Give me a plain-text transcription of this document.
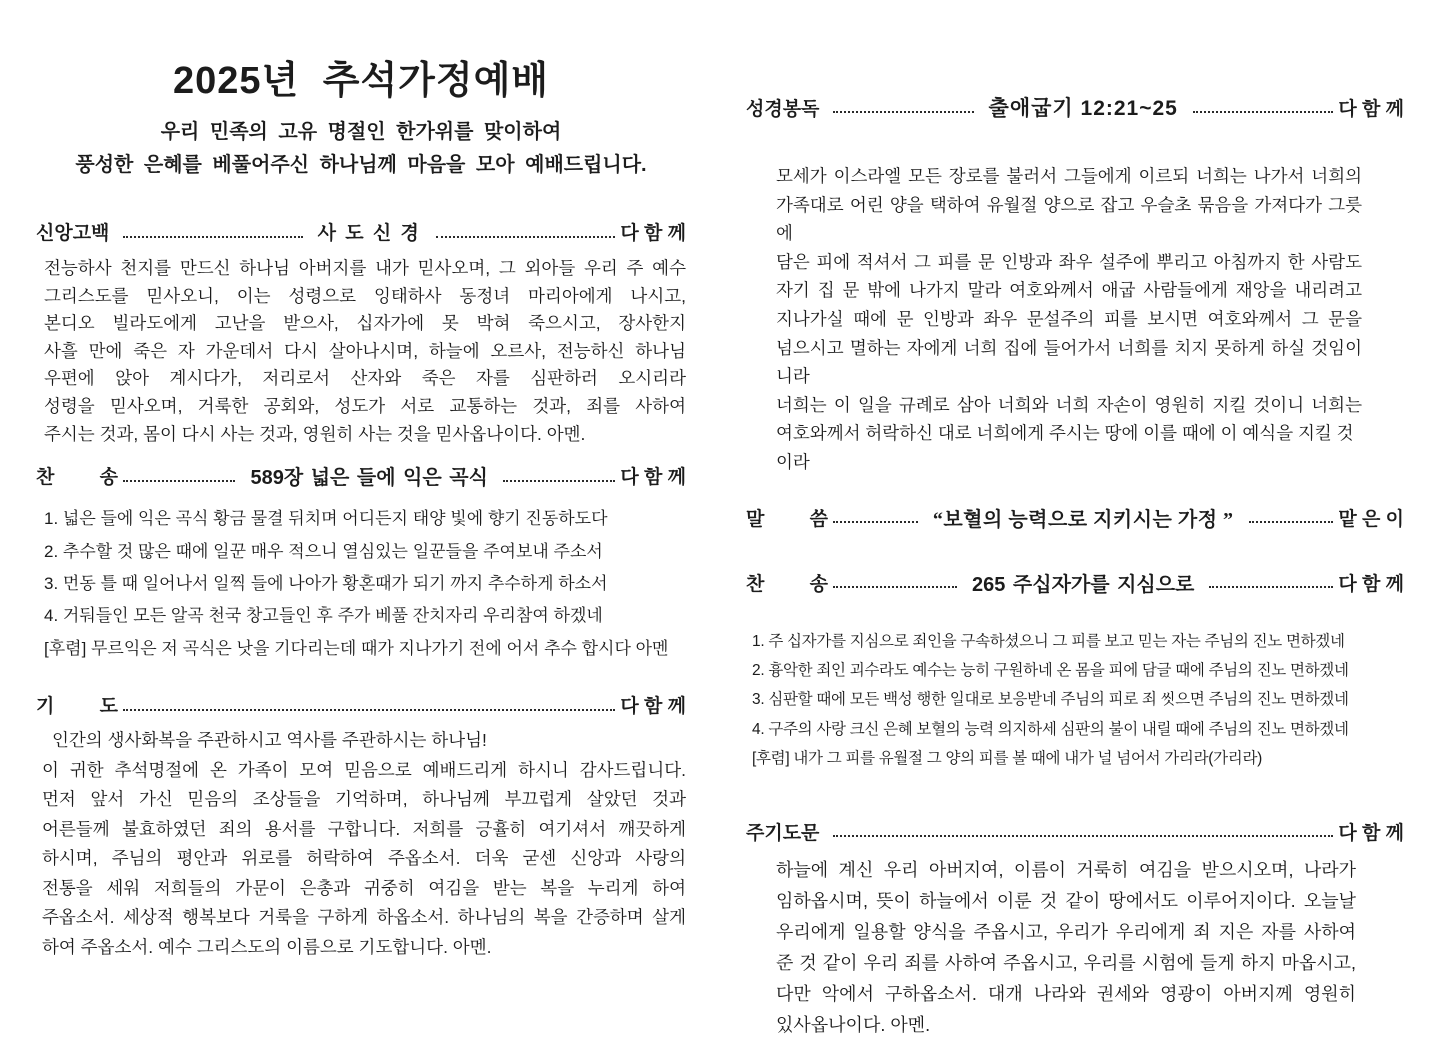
2025년 추석가정예배
우리 민족의 고유 명절인 한가위를 맞이하여
풍성한 은혜를 베풀어주신 하나님께 마음을 모아 예배드립니다.
신앙고백	사 도 신 경	다 함 께
전능하사 천지를 만드신 하나님 아버지를 내가 믿사오며, 그 외아들 우리 주 예수
그리스도를 믿사오니, 이는 성령으로 잉태하사 동정녀 마리아에게 나시고,
본디오 빌라도에게 고난을 받으사, 십자가에 못 박혀 죽으시고, 장사한지
사흘 만에 죽은 자 가운데서 다시 살아나시며, 하늘에 오르사, 전능하신 하나님
우편에 앉아 계시다가, 저리로서 산자와 죽은 자를 심판하러 오시리라
성령을 믿사오며, 거룩한 공회와, 성도가 서로 교통하는 것과, 죄를 사하여
주시는 것과, 몸이 다시 사는 것과, 영원히 사는 것을 믿사옵나이다. 아멘.
찬 송	589장 넓은 들에 익은 곡식	다 함 께
1. 넓은 들에 익은 곡식 황금 물결 뒤치며 어디든지 태양 빛에 향기 진동하도다
2. 추수할 것 많은 때에 일꾼 매우 적으니 열심있는 일꾼들을 주여보내 주소서
3. 먼동 틀 때 일어나서 일찍 들에 나아가 황혼때가 되기 까지 추수하게 하소서
4. 거둬들인 모든 알곡 천국 창고들인 후 주가 베풀 잔치자리 우리참여 하겠네
[후렴] 무르익은 저 곡식은 낫을 기다리는데 때가 지나가기 전에 어서 추수 합시다 아멘
기 도	다 함 께
인간의 생사화복을 주관하시고 역사를 주관하시는 하나님!
이 귀한 추석명절에 온 가족이 모여 믿음으로 예배드리게 하시니 감사드립니다.
먼저 앞서 가신 믿음의 조상들을 기억하며, 하나님께 부끄럽게 살았던 것과
어른들께 불효하였던 죄의 용서를 구합니다. 저희를 긍휼히 여기셔서 깨끗하게
하시며, 주님의 평안과 위로를 허락하여 주옵소서. 더욱 굳센 신앙과 사랑의
전통을 세워 저희들의 가문이 은총과 귀중히 여김을 받는 복을 누리게 하여
주옵소서. 세상적 행복보다 거룩을 구하게 하옵소서. 하나님의 복을 간증하며 살게
하여 주옵소서. 예수 그리스도의 이름으로 기도합니다. 아멘.
성경봉독	출애굽기 12:21~25	다 함 께
모세가 이스라엘 모든 장로를 불러서 그들에게 이르되 너희는 나가서 너희의
가족대로 어린 양을 택하여 유월절 양으로 잡고 우슬초 묶음을 가져다가 그릇에
담은 피에 적셔서 그 피를 문 인방과 좌우 설주에 뿌리고 아침까지 한 사람도
자기 집 문 밖에 나가지 말라 여호와께서 애굽 사람들에게 재앙을 내리려고
지나가실 때에 문 인방과 좌우 문설주의 피를 보시면 여호와께서 그 문을
넘으시고 멸하는 자에게 너희 집에 들어가서 너희를 치지 못하게 하실 것임이니라
너희는 이 일을 규례로 삼아 너희와 너희 자손이 영원히 지킬 것이니 너희는
여호와께서 허락하신 대로 너희에게 주시는 땅에 이를 때에 이 예식을 지킬 것이라
말 씀	“보혈의 능력으로 지키시는 가정 ”	맡 은 이
찬 송	265 주십자가를 지심으로	다 함 께
1. 주 십자가를 지심으로 죄인을 구속하셨으니 그 피를 보고 믿는 자는 주님의 진노 면하겠네
2. 흉악한 죄인 괴수라도 예수는 능히 구원하네 온 몸을 피에 담글 때에 주님의 진노 면하겠네
3. 심판할 때에 모든 백성 행한 일대로 보응받네 주님의 피로 죄 씻으면 주님의 진노 면하겠네
4. 구주의 사랑 크신 은혜 보혈의 능력 의지하세 심판의 불이 내릴 때에 주님의 진노 면하겠네
[후렴] 내가 그 피를 유월절 그 양의 피를 볼 때에 내가 널 넘어서 가리라(가리라)
주기도문	다 함 께
하늘에 계신 우리 아버지여, 이름이 거룩히 여김을 받으시오며, 나라가
임하옵시며, 뜻이 하늘에서 이룬 것 같이 땅에서도 이루어지이다. 오늘날
우리에게 일용할 양식을 주옵시고, 우리가 우리에게 죄 지은 자를 사하여
준 것 같이 우리 죄를 사하여 주옵시고, 우리를 시험에 들게 하지 마옵시고,
다만 악에서 구하옵소서. 대개 나라와 권세와 영광이 아버지께 영원히
있사옵나이다. 아멘.
